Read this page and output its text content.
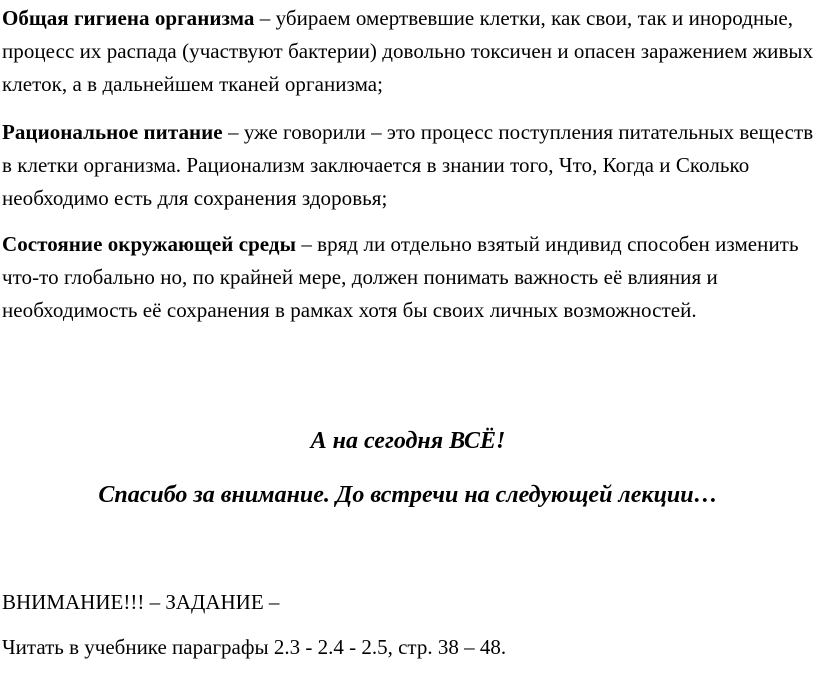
Общая гигиена организма – убираем омертвевшие клетки, как свои, так и инородные, процесс их распада (участвуют бактерии) довольно токсичен и опасен заражением живых клеток, а в дальнейшем тканей организма;

Рациональное питание – уже говорили – это процесс поступления питательных веществ в клетки организма. Рационализм заключается в знании того, Что, Когда и Сколько необходимо есть для сохранения здоровья;

Состояние окружающей среды – вряд ли отдельно взятый индивид способен изменить что-то глобально но, по крайней мере, должен понимать важность её влияния и необходимость её сохранения в рамках хотя бы своих личных возможностей.

А на сегодня ВСЁ!

Спасибо за внимание. До встречи на следующей лекции…

ВНИМАНИЕ!!! – ЗАДАНИЕ –

Читать в учебнике параграфы 2.3 - 2.4 - 2.5, стр. 38 – 48.
